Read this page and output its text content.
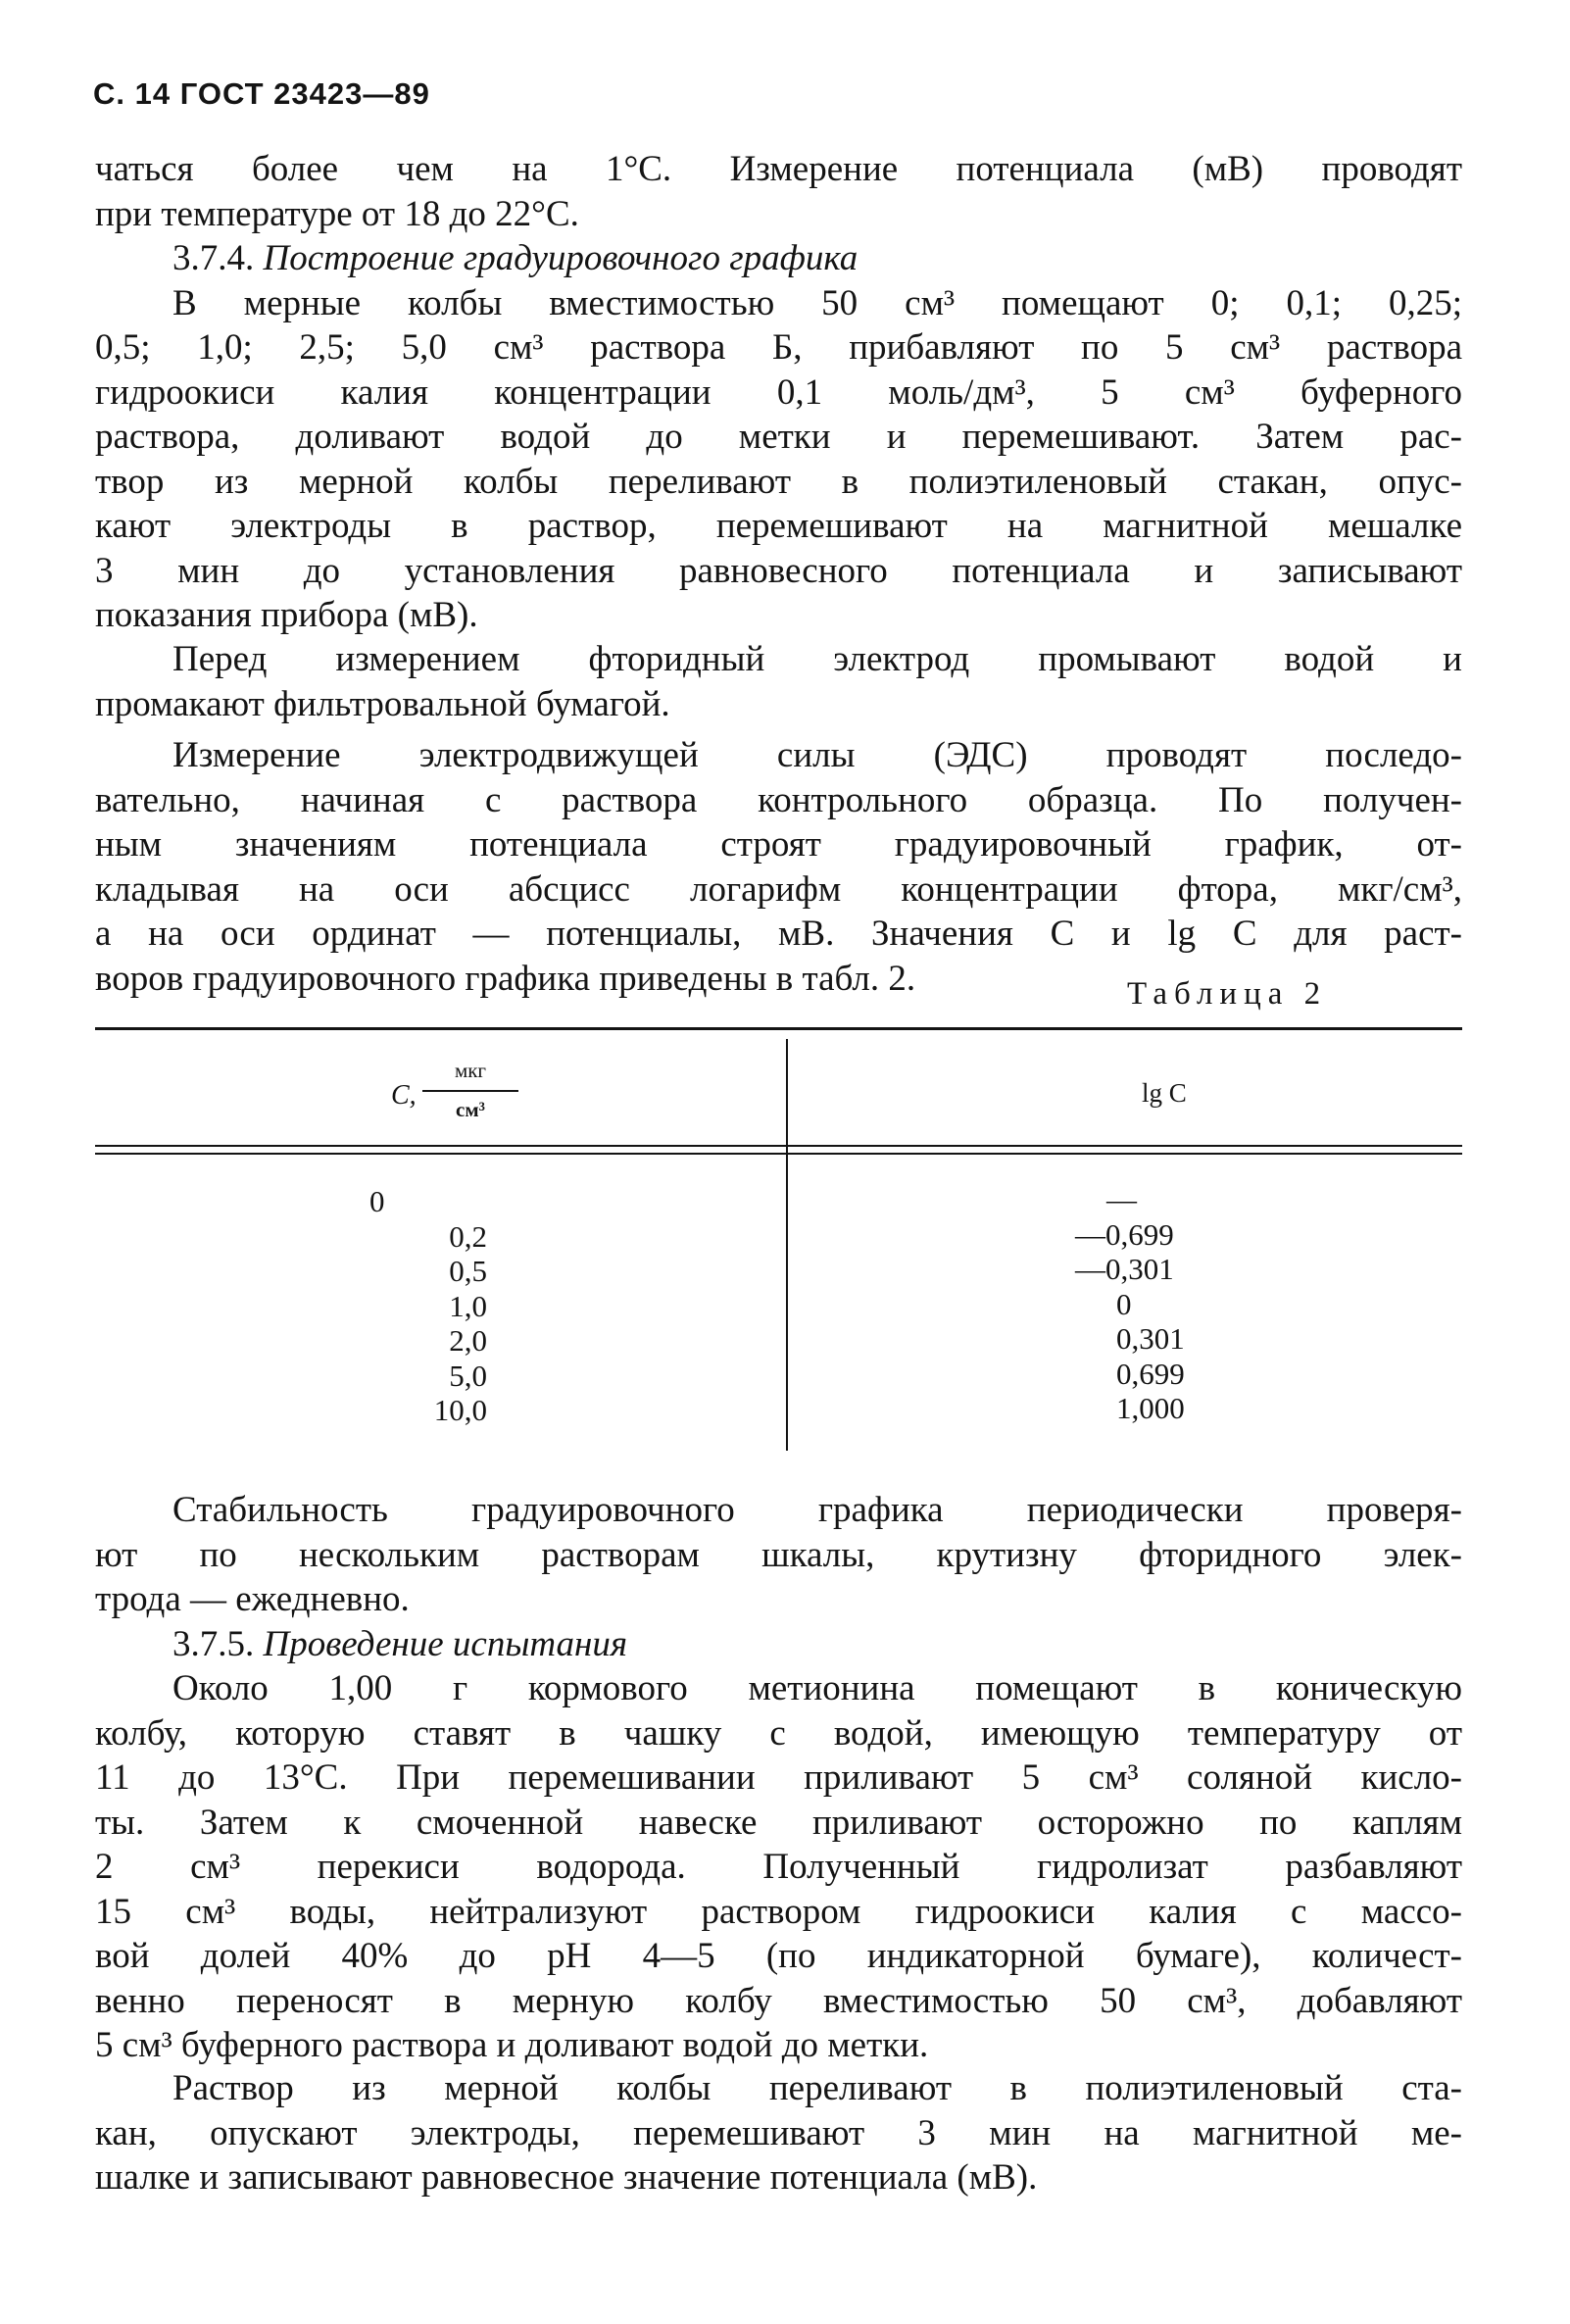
С. 14 ГОСТ 23423—89
чаться более чем на 1°С. Измерение потенциала (мВ) проводят
при температуре от 18 до 22°С.
3.7.4. Построение градуировочного графика
В мерные колбы вместимостью 50 см³ помещают 0; 0,1; 0,25;
0,5; 1,0; 2,5; 5,0 см³ раствора Б, прибавляют по 5 см³ раствора
гидроокиси калия концентрации 0,1 моль/дм³, 5 см³ буферного
раствора, доливают водой до метки и перемешивают. Затем рас-
твор из мерной колбы переливают в полиэтиленовый стакан, опус-
кают электроды в раствор, перемешивают на магнитной мешалке
3 мин до установления равновесного потенциала и записывают
показания прибора (мВ).
Перед измерением фторидный электрод промывают водой и
промакают фильтровальной бумагой.
Измерение электродвижущей силы (ЭДС) проводят последо-
вательно, начиная с раствора контрольного образца. По получен-
ным значениям потенциала строят градуировочный график, от-
кладывая на оси абсцисс логарифм концентрации фтора, мкг/см³,
а на оси ординат — потенциалы, мВ. Значения C и lg C для раст-
воров градуировочного графика приведены в табл. 2.	Таблица 2
C,
мкг
см³
lg C
0
0,2
0,5
1,0
2,0
5,0
10,0
—
—0,699
—0,301
0
0,301
0,699
1,000
Стабильность градуировочного графика периодически проверя-
ют по нескольким растворам шкалы, крутизну фторидного элек-
трода — ежедневно.
3.7.5. Проведение испытания
Около 1,00 г кормового метионина помещают в коническую
колбу, которую ставят в чашку с водой, имеющую температуру от
11 до 13°С. При перемешивании приливают 5 см³ соляной кисло-
ты. Затем к смоченной навеске приливают осторожно по каплям
2 см³ перекиси водорода. Полученный гидролизат разбавляют
15 см³ воды, нейтрализуют раствором гидроокиси калия с массо-
вой долей 40% до pH 4—5 (по индикаторной бумаге), количест-
венно переносят в мерную колбу вместимостью 50 см³, добавляют
5 см³ буферного раствора и доливают водой до метки.
Раствор из мерной колбы переливают в полиэтиленовый ста-
кан, опускают электроды, перемешивают 3 мин на магнитной ме-
шалке и записывают равновесное значение потенциала (мВ).
